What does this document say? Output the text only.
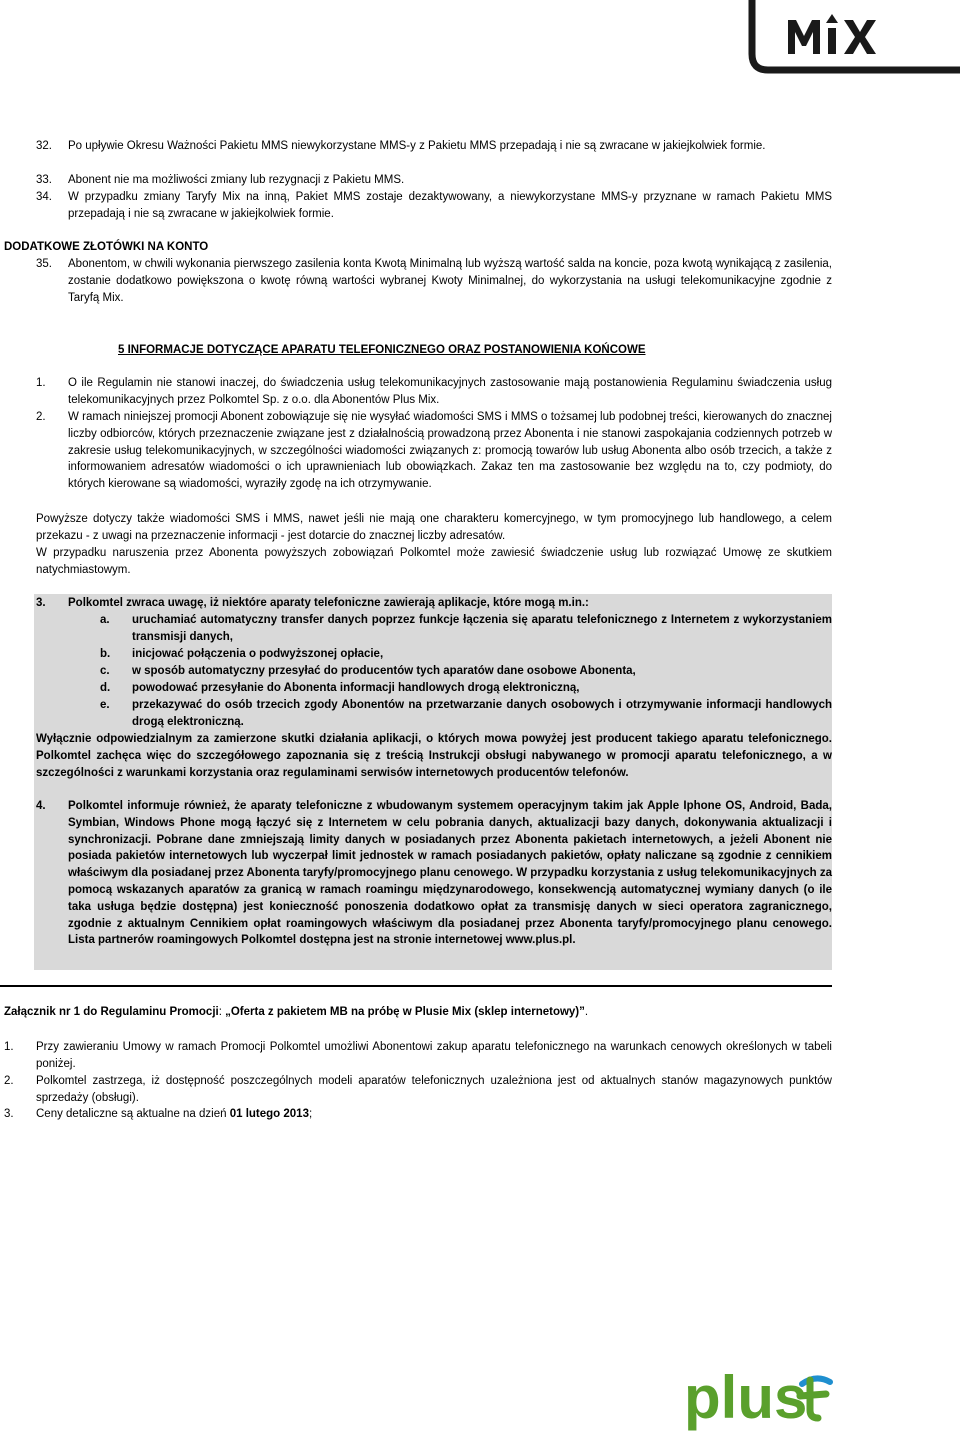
MIX
32. Po upływie Okresu Ważności Pakietu MMS niewykorzystane MMS-y z Pakietu MMS przepadają i nie są zwracane w jakiejkolwiek formie.
33. Abonent nie ma możliwości zmiany lub rezygnacji z Pakietu MMS.
34. W przypadku zmiany Taryfy Mix na inną, Pakiet MMS zostaje dezaktywowany, a niewykorzystane MMS-y przyznane w ramach Pakietu MMS przepadają i nie są zwracane w jakiejkolwiek formie.
DODATKOWE ZŁOTÓWKI NA KONTO
35. Abonentom, w chwili wykonania pierwszego zasilenia konta Kwotą Minimalną lub wyższą wartość salda na koncie, poza kwotą wynikającą z zasilenia, zostanie dodatkowo powiększona o kwotę równą wartości wybranej Kwoty Minimalnej, do wykorzystania na usługi telekomunikacyjne zgodnie z Taryfą Mix.
5 INFORMACJE DOTYCZĄCE APARATU TELEFONICZNEGO ORAZ POSTANOWIENIA KOŃCOWE
1. O ile Regulamin nie stanowi inaczej, do świadczenia usług telekomunikacyjnych zastosowanie mają postanowienia Regulaminu świadczenia usług telekomunikacyjnych przez Polkomtel Sp. z o.o. dla Abonentów Plus Mix.
2. W ramach niniejszej promocji Abonent zobowiązuje się nie wysyłać wiadomości SMS i MMS o tożsamej lub podobnej treści, kierowanych do znacznej liczby odbiorców, których przeznaczenie związane jest z działalnością prowadzoną przez Abonenta i nie stanowi zaspokajania codziennych potrzeb w zakresie usług telekomunikacyjnych, w szczególności wiadomości związanych z: promocją towarów lub usług Abonenta albo osób trzecich, a także z informowaniem adresatów wiadomości o ich uprawnieniach lub obowiązkach. Zakaz ten ma zastosowanie bez względu na to, czy podmioty, do których kierowane są wiadomości, wyraziły zgodę na ich otrzymywanie.
Powyższe dotyczy także wiadomości SMS i MMS, nawet jeśli nie mają one charakteru komercyjnego, w tym promocyjnego lub handlowego, a celem przekazu - z uwagi na przeznaczenie informacji - jest dotarcie do znacznej liczby adresatów.
W przypadku naruszenia przez Abonenta powyższych zobowiązań Polkomtel może zawiesić świadczenie usług lub rozwiązać Umowę ze skutkiem natychmiastowym.
3. Polkomtel zwraca uwagę, iż niektóre aparaty telefoniczne zawierają aplikacje, które mogą m.in.:
a. uruchamiać automatyczny transfer danych poprzez funkcje łączenia się aparatu telefonicznego z Internetem z wykorzystaniem transmisji danych,
b. inicjować połączenia o podwyższonej opłacie,
c. w sposób automatyczny przesyłać do producentów tych aparatów dane osobowe Abonenta,
d. powodować przesyłanie do Abonenta informacji handlowych drogą elektroniczną,
e. przekazywać do osób trzecich zgody Abonentów na przetwarzanie danych osobowych i otrzymywanie informacji handlowych drogą elektroniczną.
Wyłącznie odpowiedzialnym za zamierzone skutki działania aplikacji, o których mowa powyżej jest producent takiego aparatu telefonicznego. Polkomtel zachęca więc do szczegółowego zapoznania się z treścią Instrukcji obsługi nabywanego w promocji aparatu telefonicznego, a w szczególności z warunkami korzystania oraz regulaminami serwisów internetowych producentów telefonów.
4. Polkomtel informuje również, że aparaty telefoniczne z wbudowanym systemem operacyjnym takim jak Apple Iphone OS, Android, Bada, Symbian, Windows Phone mogą łączyć się z Internetem w celu pobrania danych, aktualizacji bazy danych, dokonywania aktualizacji i synchronizacji. Pobrane dane zmniejszają limity danych w posiadanych przez Abonenta pakietach internetowych, a jeżeli Abonent nie posiada pakietów internetowych lub wyczerpał limit jednostek w ramach posiadanych pakietów, opłaty naliczane są zgodnie z cennikiem właściwym dla posiadanej przez Abonenta taryfy/promocyjnego planu cenowego. W przypadku korzystania z usług telekomunikacyjnych za pomocą wskazanych aparatów za granicą w ramach roamingu międzynarodowego, konsekwencją automatycznej wymiany danych (o ile taka usługa będzie dostępna) jest konieczność ponoszenia dodatkowo opłat za transmisję danych w sieci operatora zagranicznego, zgodnie z aktualnym Cennikiem opłat roamingowych właściwym dla posiadanej przez Abonenta taryfy/promocyjnego planu cenowego. Lista partnerów roamingowych Polkomtel dostępna jest na stronie internetowej www.plus.pl.
Załącznik nr 1 do Regulaminu Promocji: „Oferta z pakietem MB na próbę w Plusie Mix (sklep internetowy)”.
1. Przy zawieraniu Umowy w ramach Promocji Polkomtel umożliwi Abonentowi zakup aparatu telefonicznego na warunkach cenowych określonych w tabeli poniżej.
2. Polkomtel zastrzega, iż dostępność poszczególnych modeli aparatów telefonicznych uzależniona jest od aktualnych stanów magazynowych punktów sprzedaży (obsługi).
3. Ceny detaliczne są aktualne na dzień 01 lutego 2013;
plus
